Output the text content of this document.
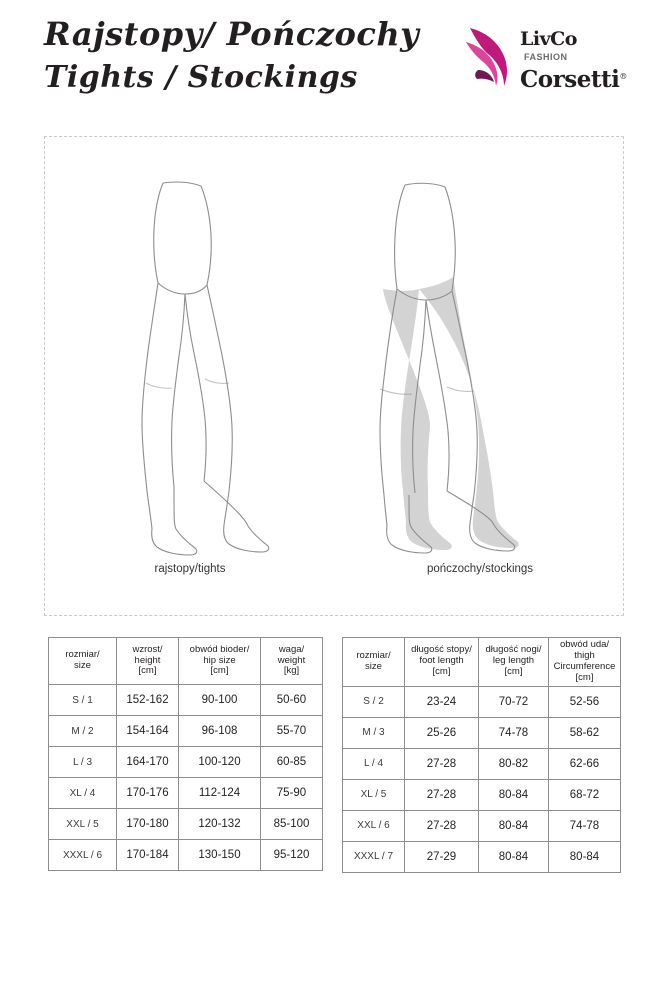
Rajstopy/ Pończochy
Tights / Stockings
LivCoFASHION
Corsetti®
rajstopy/tights	pończochy/stockings
rozmiar/
size	wzrost/
height
[cm]	obwód bioder/
hip size
[cm]	waga/
weight
[kg]
S / 1	152-162	90-100	50-60
M / 2	154-164	96-108	55-70
L / 3	164-170	100-120	60-85
XL / 4	170-176	112-124	75-90
XXL / 5	170-180	120-132	85-100
XXXL / 6	170-184	130-150	95-120
rozmiar/
size	długość stopy/
foot length
[cm]	długość nogi/
leg length
[cm]	obwód uda/
thigh
Circumference
[cm]
S / 2	23-24	70-72	52-56
M / 3	25-26	74-78	58-62
L / 4	27-28	80-82	62-66
XL / 5	27-28	80-84	68-72
XXL / 6	27-28	80-84	74-78
XXXL / 7	27-29	80-84	80-84
